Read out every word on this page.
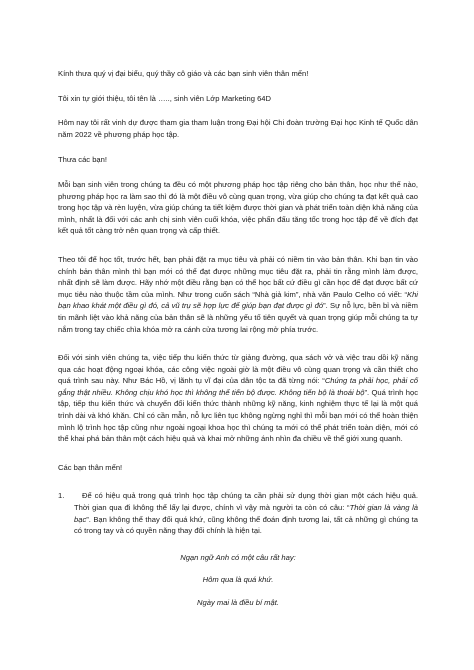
Kính thưa quý vị đại biểu, quý thầy cô giáo và các bạn sinh viên thân mến!

Tôi xin tự giới thiệu, tôi tên là ….., sinh viên Lớp Marketing 64D

Hôm nay tôi rất vinh dự được tham gia tham luận trong Đại hội Chi đoàn trường Đại học Kinh tế Quốc dân năm 2022 về phương pháp học tập.

Thưa các bạn!

Mỗi bạn sinh viên trong chúng ta đều có một phương pháp học tập riêng cho bản thân, học như thế nào, phương pháp học ra làm sao thì đó là một điều vô cùng quan trọng, vừa giúp cho chúng ta đạt kết quả cao trong học tập và rèn luyện, vừa giúp chúng ta tiết kiệm được thời gian và phát triển toàn diện khả năng của mình, nhất là đối với các anh chị sinh viên cuối khóa, việc phấn đấu tăng tốc trong học tập để về đích đạt kết quả tốt càng trở nên quan trọng và cấp thiết.

Theo tôi để học tốt, trước hết, bạn phải đặt ra mục tiêu và phải có niềm tin vào bản thân. Khi bạn tin vào chính bản thân mình thì bạn mới có thể đạt được những mục tiêu đặt ra, phải tin rằng mình làm được, nhất định sẽ làm được. Hãy nhớ một điều rằng bạn có thể học bất cứ điều gì cần học để đạt được bất cứ mục tiêu nào thuộc tầm của mình. Như trong cuốn sách “Nhà giả kim”, nhà văn Paulo Celho có viết: “Khi bạn khao khát một điều gì đó, cả vũ trụ sẽ hợp lực để giúp bạn đạt được gì đó”. Sự nỗ lực, bền bỉ và niềm tin mãnh liệt vào khả năng của bản thân sẽ là những yếu tố tiên quyết và quan trọng giúp mỗi chúng ta tự nắm trong tay chiếc chìa khóa mở ra cánh cửa tương lai rộng mở phía trước.

Đối với sinh viên chúng ta, việc tiếp thu kiến thức từ giảng đường, qua sách vở và việc trau dồi kỹ năng qua các hoạt động ngoại khóa, các công việc ngoài giờ là một điều vô cùng quan trọng và cần thiết cho quá trình sau này. Như Bác Hồ, vị lãnh tụ vĩ đại của dân tộc ta đã từng nói: “Chúng ta phải học, phải cố gắng thật nhiều. Không chịu khó học thì không thể tiến bộ được. Không tiến bộ là thoái bộ”. Quá trình học tập, tiếp thu kiến thức và chuyển đổi kiến thức thành những kỹ năng, kinh nghiệm thực tế lại là một quá trình dài và khó khăn. Chỉ có cần mẫn, nỗ lực liên tục không ngừng nghỉ thì mỗi bạn mới có thể hoàn thiện mình lộ trình học tập cũng như ngoài ngoại khoa học thì chúng ta mới có thể phát triển toàn diện, mới có thể khai phá bản thân một cách hiệu quả và khai mở những ánh nhìn đa chiều về thế giới xung quanh.

Các bạn thân mến!

1.	Để có hiệu quả trong quá trình học tập chúng ta cần phải sử dụng thời gian một cách hiệu quả. Thời gian qua đi không thể lấy lại được, chính vì vậy mà người ta còn có câu: “Thời gian là vàng là bạc”. Bạn không thể thay đổi quá khứ, cũng không thể đoán định tương lai, tất cả những gì chúng ta có trong tay và có quyền năng thay đổi chính là hiện tại.

Ngạn ngữ Anh có một câu rất hay:

Hôm qua là quá khứ.

Ngày mai là điều bí mật.
